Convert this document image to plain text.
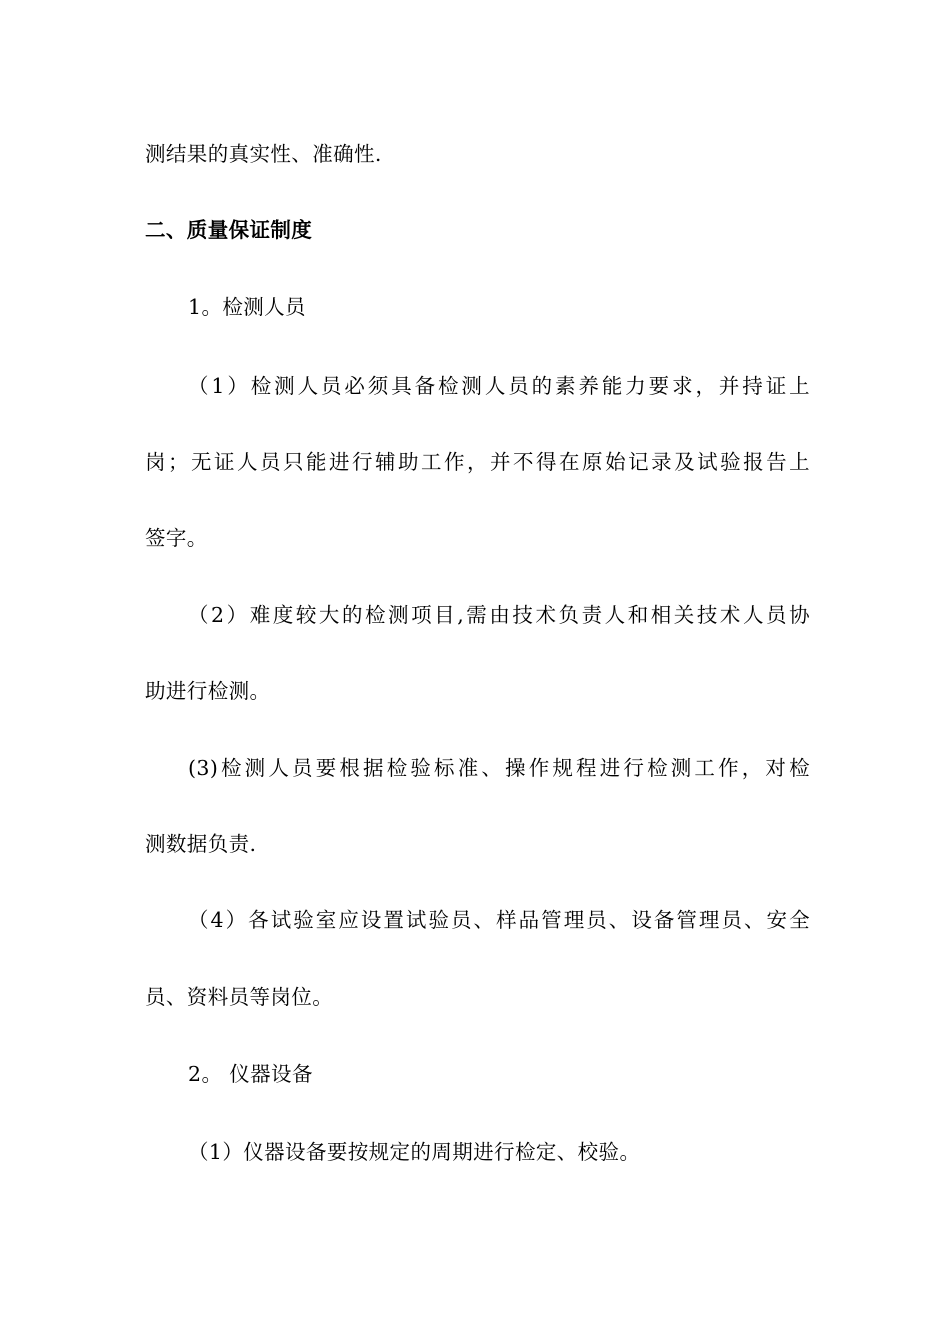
测结果的真实性、准确性.
二、质量保证制度
1。检测人员
（1）检测人员必须具备检测人员的素养能力要求，并持证上
岗；无证人员只能进行辅助工作，并不得在原始记录及试验报告上
签字。
（2）难度较大的检测项目,需由技术负责人和相关技术人员协
助进行检测。
(3)检测人员要根据检验标准、操作规程进行检测工作，对检
测数据负责.
（4）各试验室应设置试验员、样品管理员、设备管理员、安全
员、资料员等岗位。
2。 仪器设备
（1）仪器设备要按规定的周期进行检定、校验。
